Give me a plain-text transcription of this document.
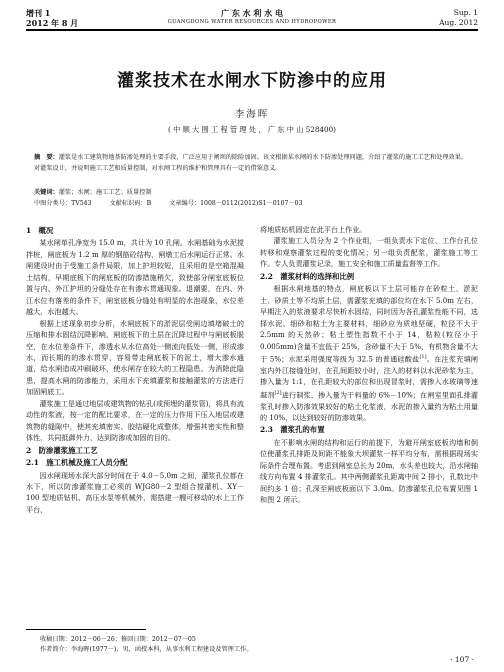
增刊 1
2012 年 8 月
广 东 水 利 水 电
GUANGDONG WATER RESOURCES AND HYDROPOWER
Sup. 1
Aug. 2012
灌浆技术在水闸水下防渗中的应用
李海晖
( 中 顺 大 围 工 程 管 理 处 ， 广 东 中 山 528400)
摘　要：灌浆是水工建筑物地基防渗处理的主要手段，广泛应用于闸坝的除险加固。该文根据某水闸的水下防渗处理问题，介绍了灌浆的施工工艺和处理效果。对灌浆设计，并说明施工工艺和质量控制，对水闸工程的维护和管理具有一定的借鉴意义。
关键词：灌浆；水闸；施工工艺；质量控制
中图分类号：TV543	文献标识码：B	文章编号：1008－0112(2012)S1－0107－03
1　概况

某水闸单孔净宽为 15.0 m，共计为 10 孔闸。水闸基础为水泥搅拌桩，闸底板为 1.2 m 厚的钢筋砼结构，闸墩工后水闸运行正常。水闸建设时由于受施工条件局限，加上护坦较短，且采用的是空箱混凝土结构，早期底板下的闸底板的防渗措施稍欠，致使部分闸室底板位置与内、外江护坦的分缝处存在有渗水贯通现象。退潮要，在内、外江水位有落差的条件下，闸室底板分缝处有明显的水泡现象，水位差越大，水泡越大。

根据上述现象初步分析，水闸底板下的淤泥层受闸边填堵破土的压缩和排水固结沉降影响，闸底板下的土层在沉降过程中与闸底板脱空，在水位差条件下，渗透水从水位高处一侧流向低处一侧，形成渗水，而长期的的渗水贯穿，容易带走闸底板下的泥土，增大渗水通道，给水闸造成冲刷破坏，使水闸存在较大的工程隐患。为消除此隐患，提高水闸的防渗能力，采用水下充填灌浆和接触灌浆的方法进行加固闸底工。

灌浆施工是通过地层或建筑物的钻孔(或预埋的灌浆管)，将具有流动性的浆液，按一定的配比要求，在一定的压力作用下压入地层或建筑物的缝隙中，使其充填密实、胶结硬化成整体，增强其密实性和整体性，共同抵御外力，达到防渗或加固的目的。

2　防渗灌浆施工工艺
2.1　施工机械及施工人员分配

因水闸现场水深大部分时间在于 4.0－5.0m 之间，灌浆孔位都在水下，所以防渗灌浆施工必须的 WJG80－2 型组合搅灌机、XY－100 型地质钻机、高压水泵等机械外，需搭建一艘可移动的水上工作平台，

将地质钻机固定在此平台上作业。

灌浆施工人员分为 2 个作业组，一组负责水下定位、工作台孔位转移和观察灌浆过程的变化情况；另一组负责配浆，灌浆施工等工作。专人负责灌浆记录，施工安全和施工质量监督等工作。

2.2　灌浆材料的选择和比例

根据水闸地基的特点，闸底板以下土层可能存在砂粒土、淤泥土、砂质土等不均质土层，需灌浆充填的部位均在水下 5.0m 左右，早期注入的浆液要求尽快析水固结，同时因为各孔灌浆性能不同，选择水泥、细砂和粘土为主要材料，细砂应为质地坚硬，粒径不大于 2.5mm 的天然砂；粘土塑性指数不小于 14，粘粒(粒径小于 0.005mm)含量不宜低于 25%，含砂量不大于 5%，有机物含量不大于 5%；水泥采用强度等级为 32.5 的普通硅酸盐[1]。在注浆充填闸室内外江接缝处时，在孔间距较小时，注入的材料以水泥砂浆为主，掺入量为 1:1，在孔距较大的部位和出现冒浆时，需掺入水玻璃等速凝剂[2]进行制浆，掺入量为干料量的 6%－10%；在闸室里面孔排灌浆孔时掺入防渗效果较好的粘土化浆液，水泥的掺入量约为粘土用量的 10%，以达到较好的防渗效果。

2.3　灌浆孔的布置

在不影响水闸的结构和运行的前提下，为避开闸室底板沟墙和倒位使灌浆孔排距及间距不能象大坝灌浆一样平均分布，需根据现场实际条件合理布置。考虑到闸室总长为 20m，水头差也较大，沿水闸轴线方向布置 4 排灌浆孔。其中两侧灌浆孔距离中间 2 排小，孔数比中间约多 1 倍；孔深至闸底板面以下 3.0m。防渗灌浆孔位布置见图 1 和图 2 所示。

收稿日期：2012－06－26；修回日期：2012－07－05
作者简介：李海晖(1977－)，男，函授本科，从事水利工程建设及管理工作。
· 107 ·
